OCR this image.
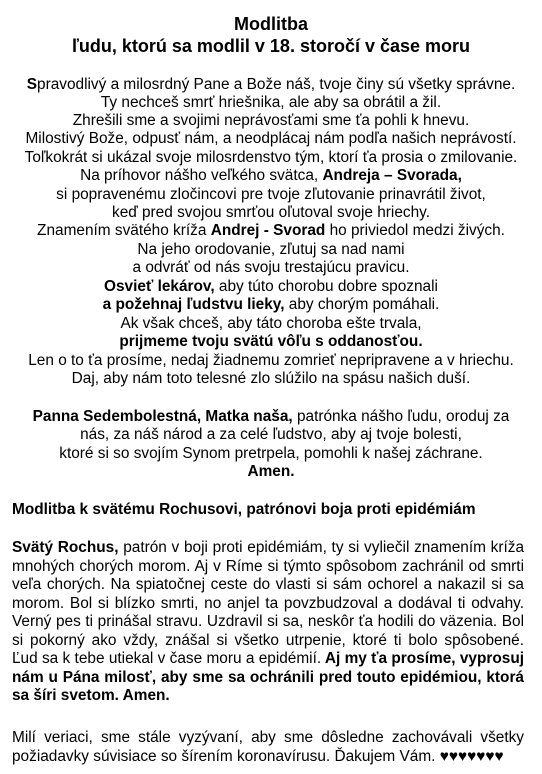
Modlitba
ľudu, ktorú sa modlil v 18. storočí v čase moru
Spravodlivý a milosrdný Pane a Bože náš, tvoje činy sú všetky správne.
Ty nechceš smrť hriešnika, ale aby sa obrátil a žil.
Zhrešili sme a svojimi neprávosťami sme ťa pohli k hnevu.
Milostivý Bože, odpusť nám, a neodplácaj nám podľa našich neprávostí.
Toľkokrát si ukázal svoje milosrdenstvo tým, ktorí ťa prosia o zmilovanie.
Na príhovor nášho veľkého svätca, Andreja – Svorada,
si popravenému zločincovi pre tvoje zľutovanie prinavrátil život,
keď pred svojou smrťou oľutoval svoje hriechy.
Znamením svätého kríža Andrej - Svorad ho priviedol medzi živých.
Na jeho orodovanie, zľutuj sa nad nami
a odvráť od nás svoju trestajúcu pravicu.
Osvieť lekárov, aby túto chorobu dobre spoznali
a požehnaj ľudstvu lieky, aby chorým pomáhali.
Ak však chceš, aby táto choroba ešte trvala,
prijmeme tvoju svätú vôľu s oddanosťou.
Len o to ťa prosíme, nedaj žiadnemu zomrieť nepripravene a v hriechu.
Daj, aby nám toto telesné zlo slúžilo na spásu našich duší.
Panna Sedembolestná, Matka naša, patrónka nášho ľudu, oroduj za
nás, za náš národ a za celé ľudstvo, aby aj tvoje bolesti,
ktoré si so svojím Synom pretrpela, pomohli k našej záchrane.
Amen.
Modlitba k svätému Rochusovi, patrónovi boja proti epidémiám
Svätý Rochus, patrón v boji proti epidémiám, ty si vyliečil znamením kríža mnohých chorých morom. Aj v Ríme si týmto spôsobom zachránil od smrti veľa chorých. Na spiatočnej ceste do vlasti si sám ochorel a nakazil si sa morom. Bol si blízko smrti, no anjel ta povzbudzoval a dodával ti odvahy. Verný pes ti prinášal stravu. Uzdravil si sa, neskôr ťa hodili do väzenia. Bol si pokorný ako vždy, znášal si všetko utrpenie, ktoré ti bolo spôsobené. Ľud sa k tebe utiekal v čase moru a epidémií. Aj my ťa prosíme, vyprosuj nám u Pána milosť, aby sme sa ochránili pred touto epidémiou, ktorá sa šíri svetom. Amen.
Milí veriaci, sme stále vyzývaní, aby sme dôsledne zachovávali všetky požiadavky súvisiace so šírením koronavírusu. Ďakujem Vám. ♥♥♥♥♥♥♥
